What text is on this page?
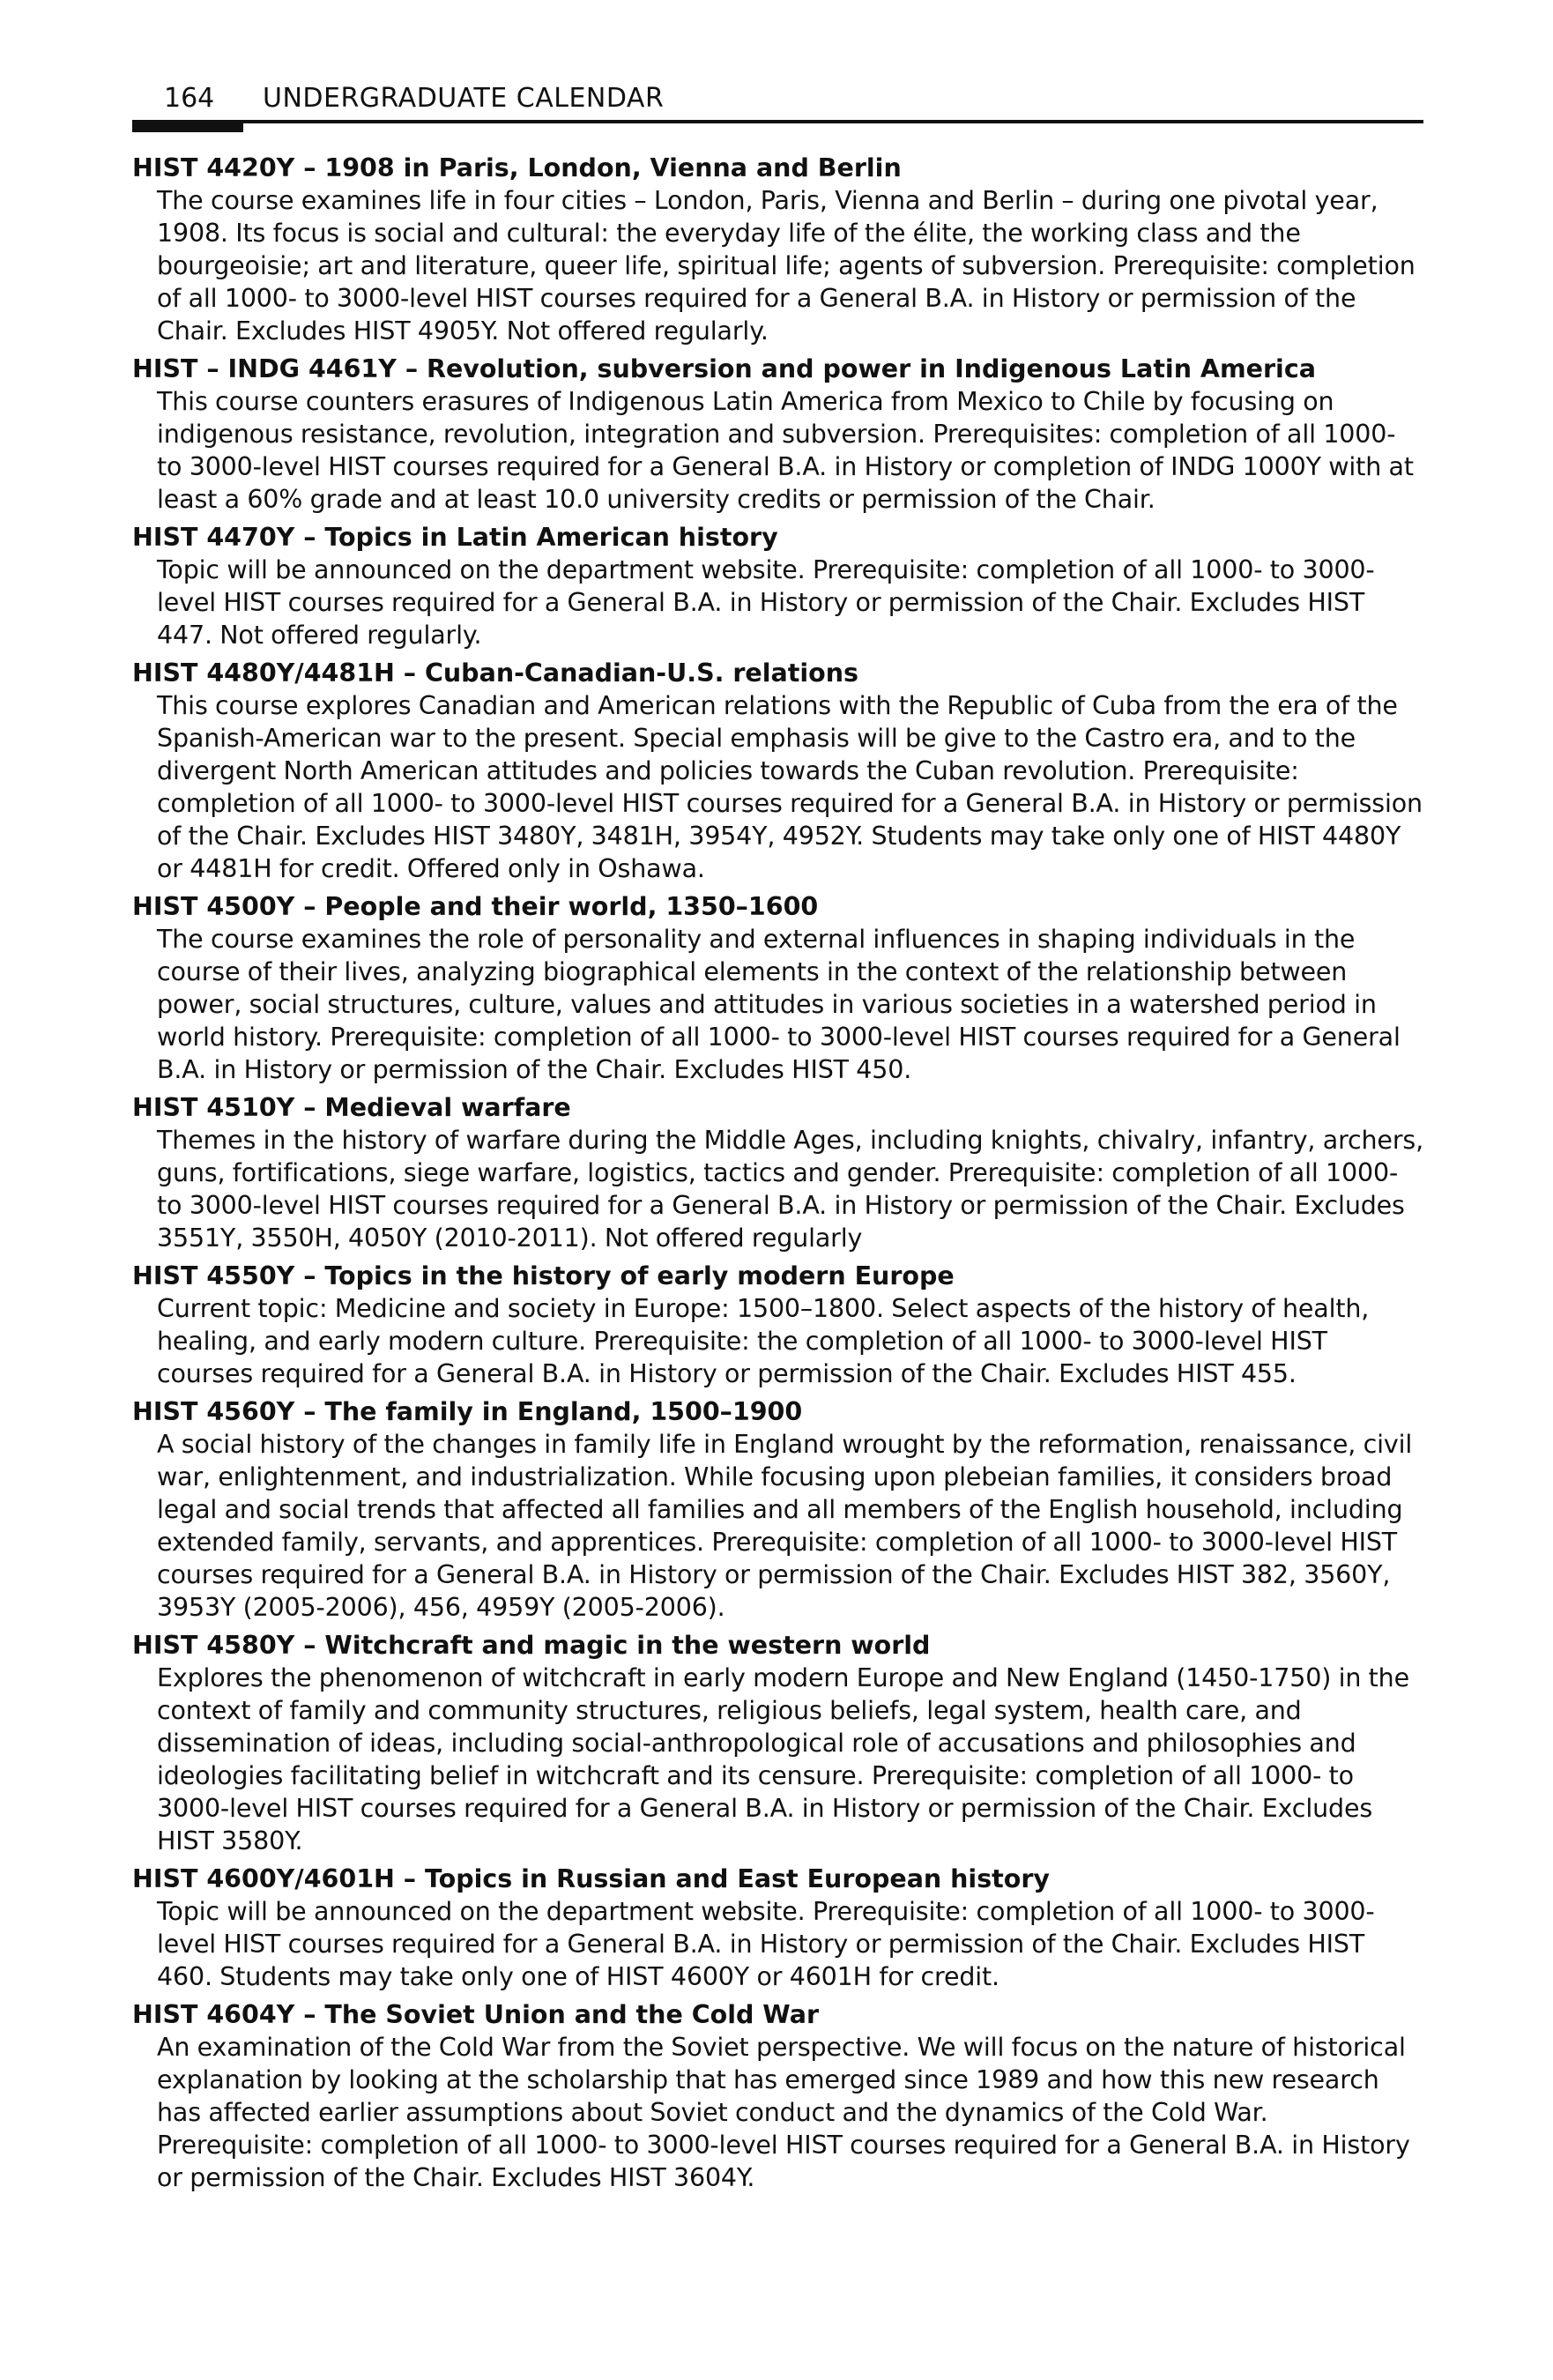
164 UNDERGRADUATE CALENDAR
HIST 4420Y – 1908 in Paris, London, Vienna and Berlin
The course examines life in four cities – London, Paris, Vienna and Berlin – during one pivotal year, 1908. Its focus is social and cultural: the everyday life of the élite, the working class and the bourgeoisie; art and literature, queer life, spiritual life; agents of subversion. Prerequisite: completion of all 1000- to 3000-level HIST courses required for a General B.A. in History or permission of the Chair. Excludes HIST 4905Y. Not offered regularly.
HIST – INDG 4461Y – Revolution, subversion and power in Indigenous Latin America
This course counters erasures of Indigenous Latin America from Mexico to Chile by focusing on indigenous resistance, revolution, integration and subversion. Prerequisites: completion of all 1000- to 3000-level HIST courses required for a General B.A. in History or completion of INDG 1000Y with at least a 60% grade and at least 10.0 university credits or permission of the Chair.
HIST 4470Y – Topics in Latin American history
Topic will be announced on the department website. Prerequisite: completion of all 1000- to 3000-level HIST courses required for a General B.A. in History or permission of the Chair. Excludes HIST 447. Not offered regularly.
HIST 4480Y/4481H – Cuban-Canadian-U.S. relations
This course explores Canadian and American relations with the Republic of Cuba from the era of the Spanish-American war to the present. Special emphasis will be give to the Castro era, and to the divergent North American attitudes and policies towards the Cuban revolution. Prerequisite: completion of all 1000- to 3000-level HIST courses required for a General B.A. in History or permission of the Chair. Excludes HIST 3480Y, 3481H, 3954Y, 4952Y. Students may take only one of HIST 4480Y or 4481H for credit. Offered only in Oshawa.
HIST 4500Y – People and their world, 1350–1600
The course examines the role of personality and external influences in shaping individuals in the course of their lives, analyzing biographical elements in the context of the relationship between power, social structures, culture, values and attitudes in various societies in a watershed period in world history. Prerequisite: completion of all 1000- to 3000-level HIST courses required for a General B.A. in History or permission of the Chair. Excludes HIST 450.
HIST 4510Y – Medieval warfare
Themes in the history of warfare during the Middle Ages, including knights, chivalry, infantry, archers, guns, fortifications, siege warfare, logistics, tactics and gender. Prerequisite: completion of all 1000- to 3000-level HIST courses required for a General B.A. in History or permission of the Chair. Excludes 3551Y, 3550H, 4050Y (2010-2011). Not offered regularly
HIST 4550Y – Topics in the history of early modern Europe
Current topic: Medicine and society in Europe: 1500–1800. Select aspects of the history of health, healing, and early modern culture. Prerequisite: the completion of all 1000- to 3000-level HIST courses required for a General B.A. in History or permission of the Chair. Excludes HIST 455.
HIST 4560Y – The family in England, 1500–1900
A social history of the changes in family life in England wrought by the reformation, renaissance, civil war, enlightenment, and industrialization. While focusing upon plebeian families, it considers broad legal and social trends that affected all families and all members of the English household, including extended family, servants, and apprentices. Prerequisite: completion of all 1000- to 3000-level HIST courses required for a General B.A. in History or permission of the Chair. Excludes HIST 382, 3560Y, 3953Y (2005-2006), 456, 4959Y (2005-2006).
HIST 4580Y – Witchcraft and magic in the western world
Explores the phenomenon of witchcraft in early modern Europe and New England (1450-1750) in the context of family and community structures, religious beliefs, legal system, health care, and dissemination of ideas, including social-anthropological role of accusations and philosophies and ideologies facilitating belief in witchcraft and its censure. Prerequisite: completion of all 1000- to 3000-level HIST courses required for a General B.A. in History or permission of the Chair. Excludes HIST 3580Y.
HIST 4600Y/4601H – Topics in Russian and East European history
Topic will be announced on the department website. Prerequisite: completion of all 1000- to 3000-level HIST courses required for a General B.A. in History or permission of the Chair. Excludes HIST 460. Students may take only one of HIST 4600Y or 4601H for credit.
HIST 4604Y – The Soviet Union and the Cold War
An examination of the Cold War from the Soviet perspective. We will focus on the nature of historical explanation by looking at the scholarship that has emerged since 1989 and how this new research has affected earlier assumptions about Soviet conduct and the dynamics of the Cold War. Prerequisite: completion of all 1000- to 3000-level HIST courses required for a General B.A. in History or permission of the Chair. Excludes HIST 3604Y.
